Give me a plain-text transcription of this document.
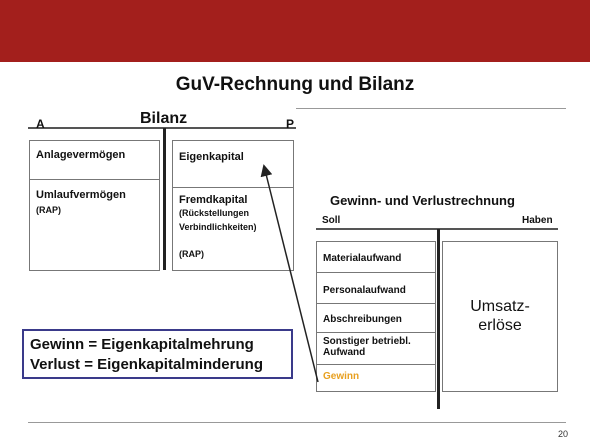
GuV-Rechnung und Bilanz
Bilanz
A	P
Anlagevermögen
Umlaufvermögen
(RAP)
Eigenkapital
Fremdkapital
(Rückstellungen
Verbindlichkeiten)
(RAP)
Gewinn- und Verlustrechnung
Soll	Haben
Materialaufwand
Personalaufwand
Abschreibungen
Sonstiger betriebl. Aufwand
Gewinn
Umsatz-
erlöse
Gewinn = Eigenkapitalmehrung
Verlust = Eigenkapitalminderung
20
